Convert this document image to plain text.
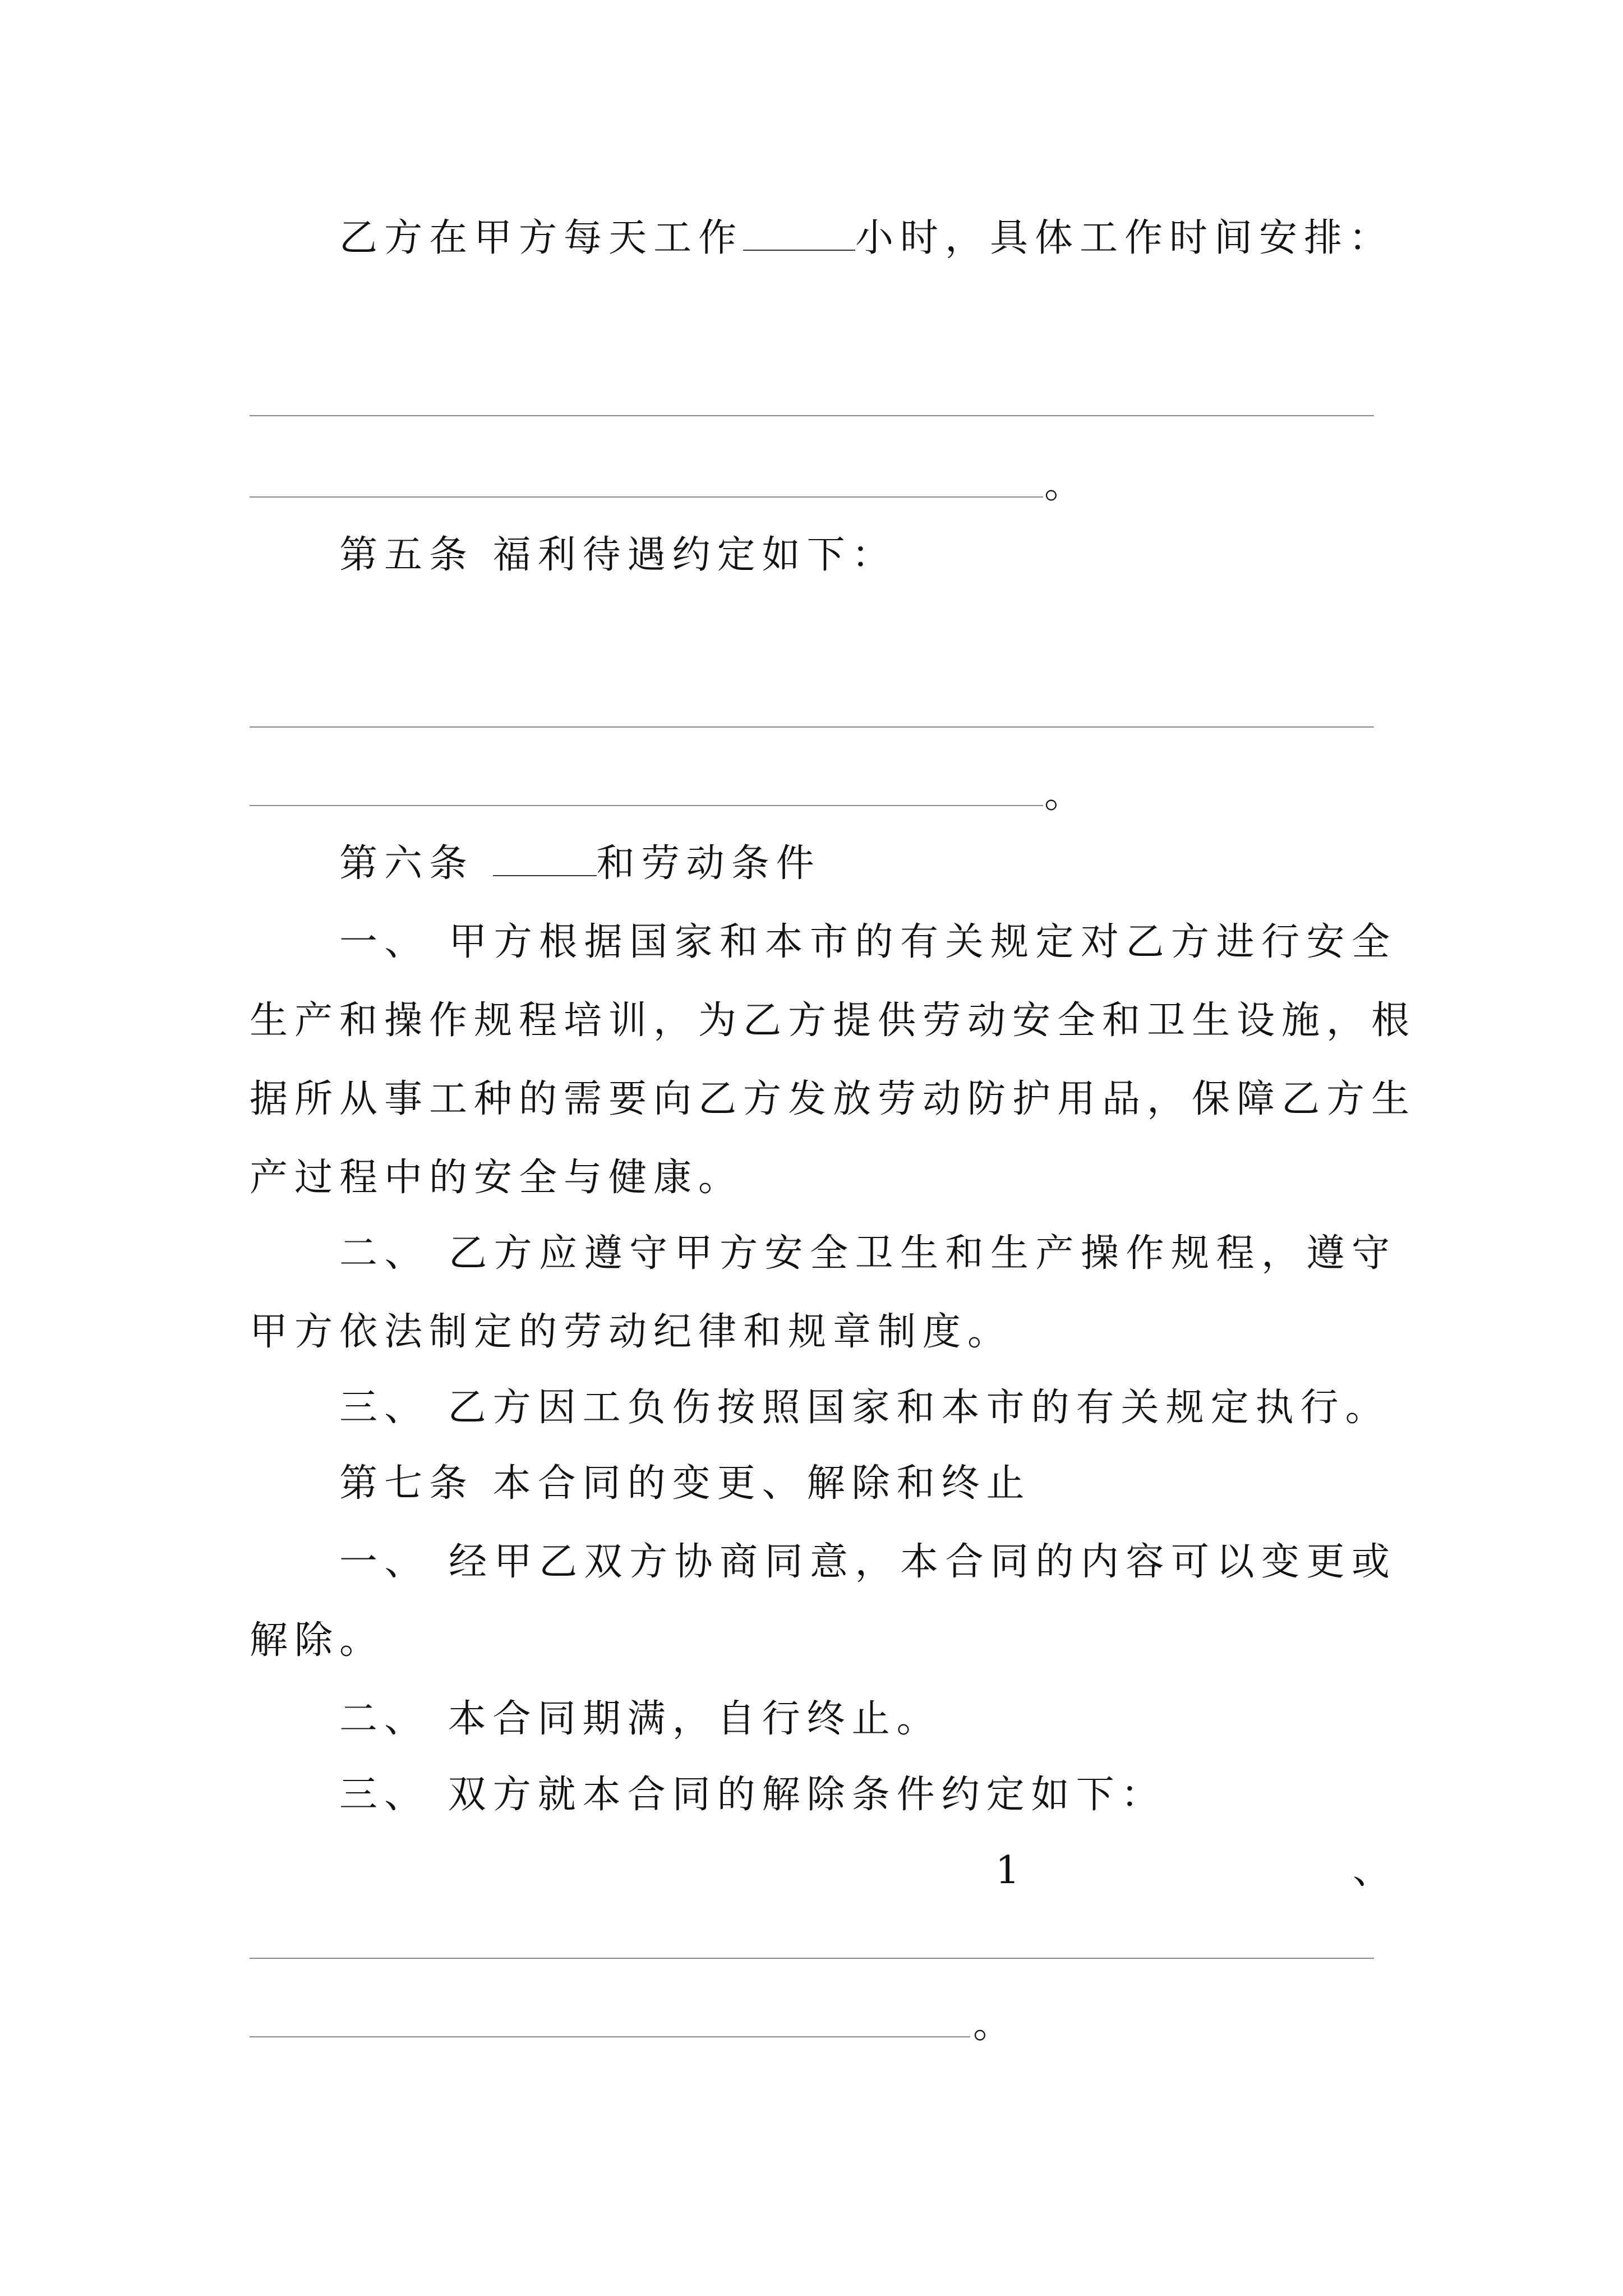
乙方在甲方每天工作	小时，具体工作时间安排：
。
第五条 福利待遇约定如下：
。
第六条	和劳动条件
一、 甲方根据国家和本市的有关规定对乙方进行安全
生产和操作规程培训，为乙方提供劳动安全和卫生设施，根
据所从事工种的需要向乙方发放劳动防护用品，保障乙方生
产过程中的安全与健康。
二、 乙方应遵守甲方安全卫生和生产操作规程，遵守
甲方依法制定的劳动纪律和规章制度。
三、 乙方因工负伤按照国家和本市的有关规定执行。
第七条 本合同的变更、解除和终止
一、 经甲乙双方协商同意，本合同的内容可以变更或
解除。
二、 本合同期满，自行终止。
三、 双方就本合同的解除条件约定如下：
1	、
。
